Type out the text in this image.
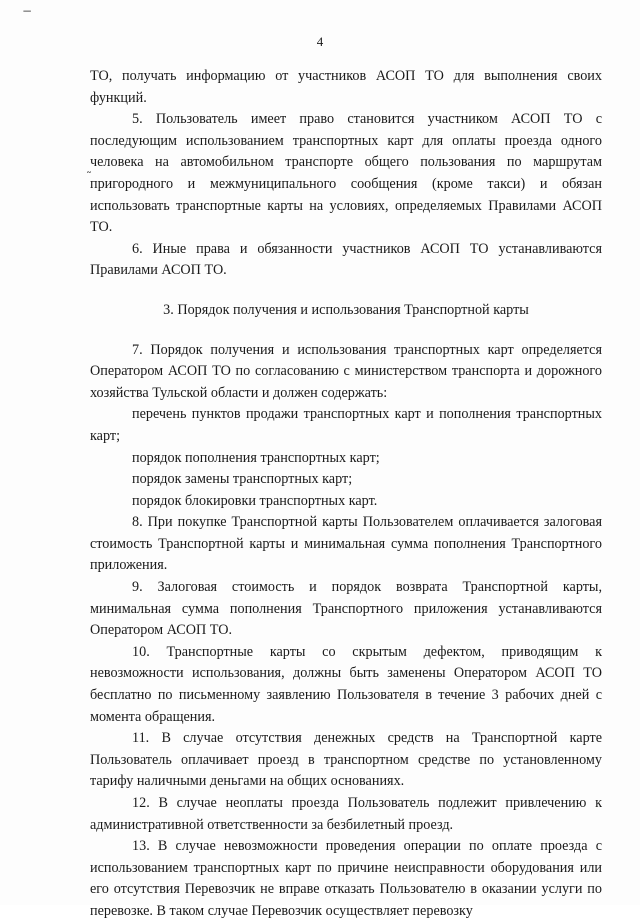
−
˜
4

ТО, получать информацию от участников АСОП ТО для выполнения своих функций.

5. Пользователь имеет право становится участником АСОП ТО с последующим использованием транспортных карт для оплаты проезда одного человека на автомобильном транспорте общего пользования по маршрутам пригородного и межмуниципального сообщения (кроме такси) и обязан использовать транспортные карты на условиях, определяемых Правилами АСОП ТО.

6. Иные права и обязанности участников АСОП ТО устанавливаются Правилами АСОП ТО.

3. Порядок получения и использования Транспортной карты

7. Порядок получения и использования транспортных карт определяется Оператором АСОП ТО по согласованию с министерством транспорта и дорожного хозяйства Тульской области и должен содержать:

перечень пунктов продажи транспортных карт и пополнения транспортных карт;

порядок пополнения транспортных карт;

порядок замены транспортных карт;

порядок блокировки транспортных карт.

8. При покупке Транспортной карты Пользователем оплачивается залоговая стоимость Транспортной карты и минимальная сумма пополнения Транспортного приложения.

9. Залоговая стоимость и порядок возврата Транспортной карты, минимальная сумма пополнения Транспортного приложения устанавливаются Оператором АСОП ТО.

10. Транспортные карты со скрытым дефектом, приводящим к невозможности использования, должны быть заменены Оператором АСОП ТО бесплатно по письменному заявлению Пользователя в течение 3 рабочих дней с момента обращения.

11. В случае отсутствия денежных средств на Транспортной карте Пользователь оплачивает проезд в транспортном средстве по установленному тарифу наличными деньгами на общих основаниях.

12. В случае неоплаты проезда Пользователь подлежит привлечению к административной ответственности за безбилетный проезд.

13. В случае невозможности проведения операции по оплате проезда с использованием транспортных карт по причине неисправности оборудования или его отсутствия Перевозчик не вправе отказать Пользователю в оказании услуги по перевозке. В таком случае Перевозчик осуществляет перевозку
